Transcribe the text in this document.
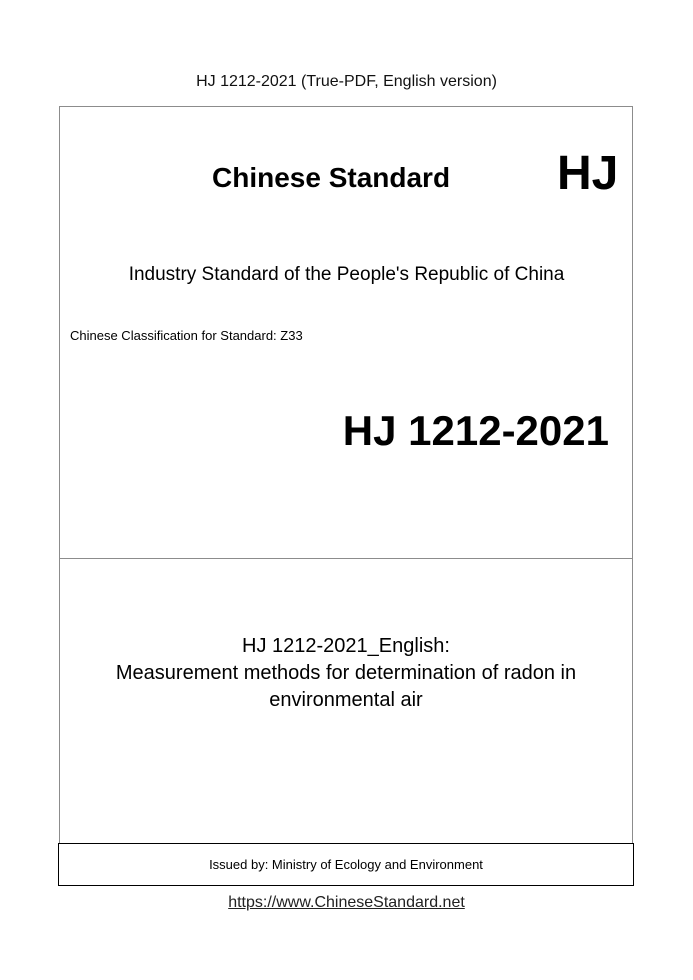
HJ 1212-2021 (True-PDF, English version)
Chinese Standard HJ
Industry Standard of the People's Republic of China
Chinese Classification for Standard: Z33
HJ 1212-2021
HJ 1212-2021_English:
Measurement methods for determination of radon in
environmental air
Issued by: Ministry of Ecology and Environment
https://www.ChineseStandard.net
